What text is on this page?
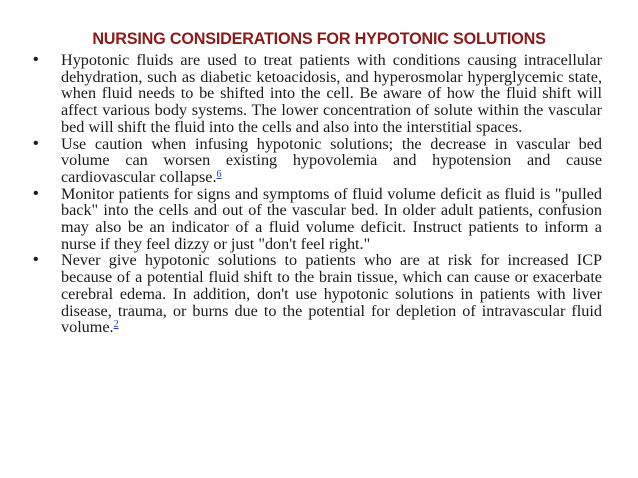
NURSING CONSIDERATIONS FOR HYPOTONIC SOLUTIONS
• Hypotonic fluids are used to treat patients with conditions causing intracellular dehydration, such as diabetic ketoacidosis, and hyperosmolar hyperglycemic state, when fluid needs to be shifted into the cell. Be aware of how the fluid shift will affect various body systems. The lower concentration of solute within the vascular bed will shift the fluid into the cells and also into the interstitial spaces.
• Use caution when infusing hypotonic solutions; the decrease in vascular bed volume can worsen existing hypovolemia and hypotension and cause cardiovascular collapse.$^6$
• Monitor patients for signs and symptoms of fluid volume deficit as fluid is "pulled back" into the cells and out of the vascular bed. In older adult patients, confusion may also be an indicator of a fluid volume deficit. Instruct patients to inform a nurse if they feel dizzy or just "don't feel right."
• Never give hypotonic solutions to patients who are at risk for increased ICP because of a potential fluid shift to the brain tissue, which can cause or exacerbate cerebral edema. In addition, don't use hypotonic solutions in patients with liver disease, trauma, or burns due to the potential for depletion of intravascular fluid volume.$^2$
